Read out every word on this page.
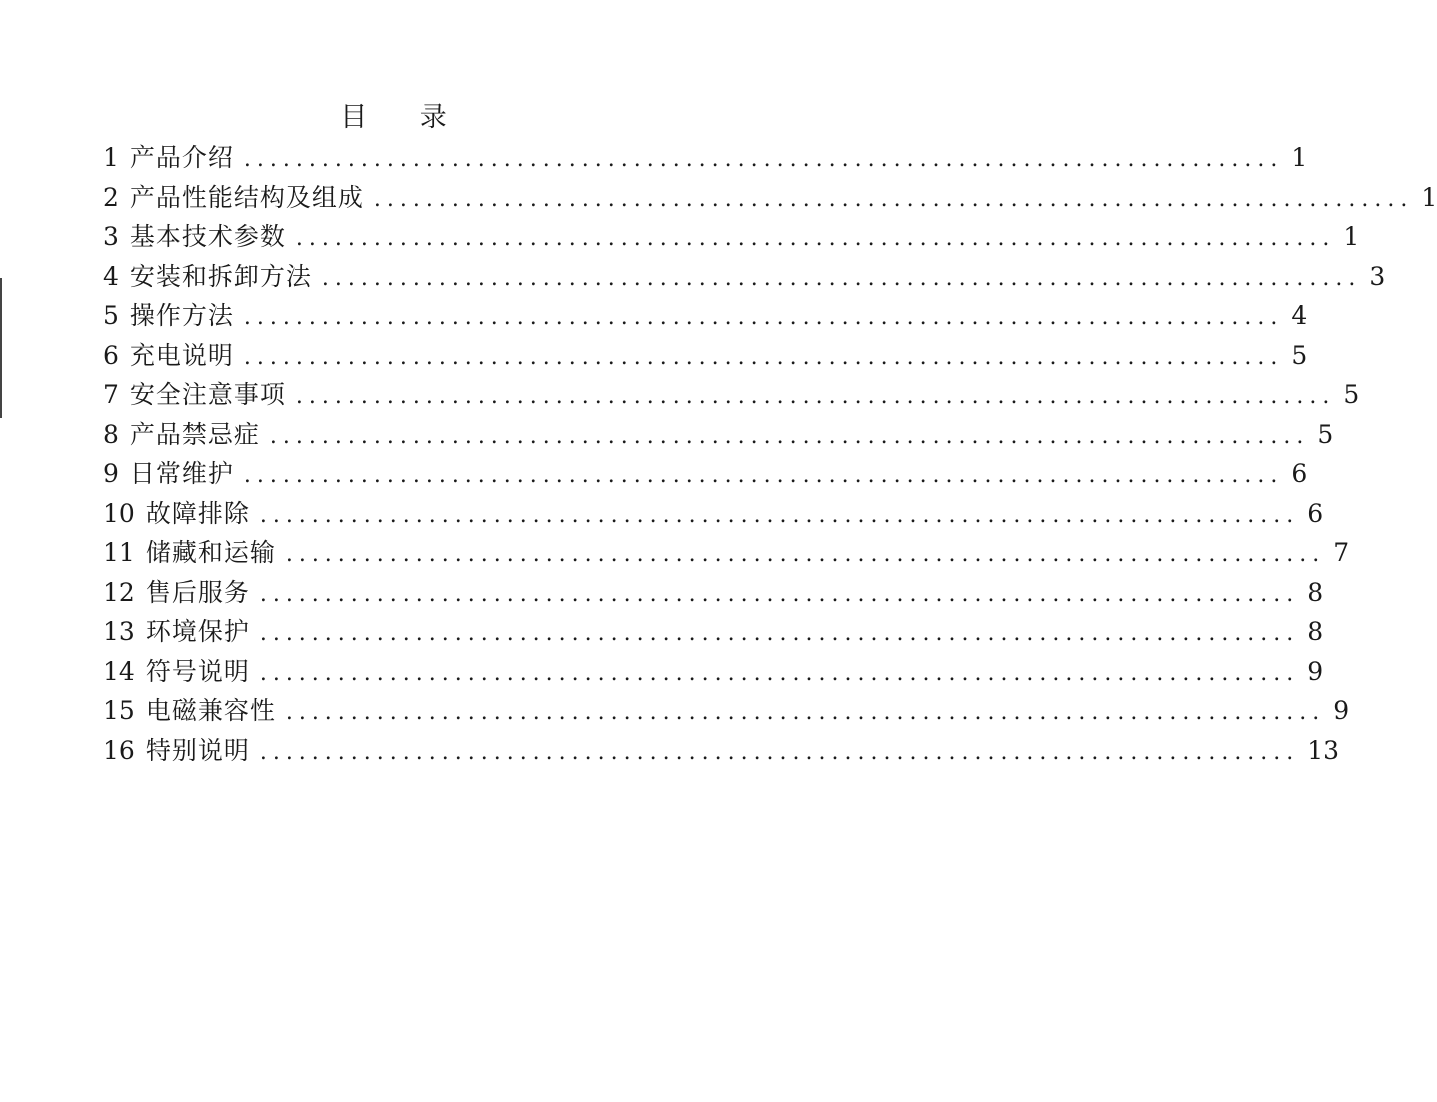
目 录
1 产品介绍 ................................................................................ 1
2 产品性能结构及组成 ................................................................................ 1
3 基本技术参数 ................................................................................ 1
4 安装和拆卸方法 ................................................................................ 3
5 操作方法 ................................................................................ 4
6 充电说明 ................................................................................ 5
7 安全注意事项 ................................................................................ 5
8 产品禁忌症 ................................................................................ 5
9 日常维护 ................................................................................ 6
10 故障排除 ................................................................................ 6
11 储藏和运输 ................................................................................ 7
12 售后服务 ................................................................................ 8
13 环境保护 ................................................................................ 8
14 符号说明 ................................................................................ 9
15 电磁兼容性 ................................................................................ 9
16 特别说明 ................................................................................ 13
